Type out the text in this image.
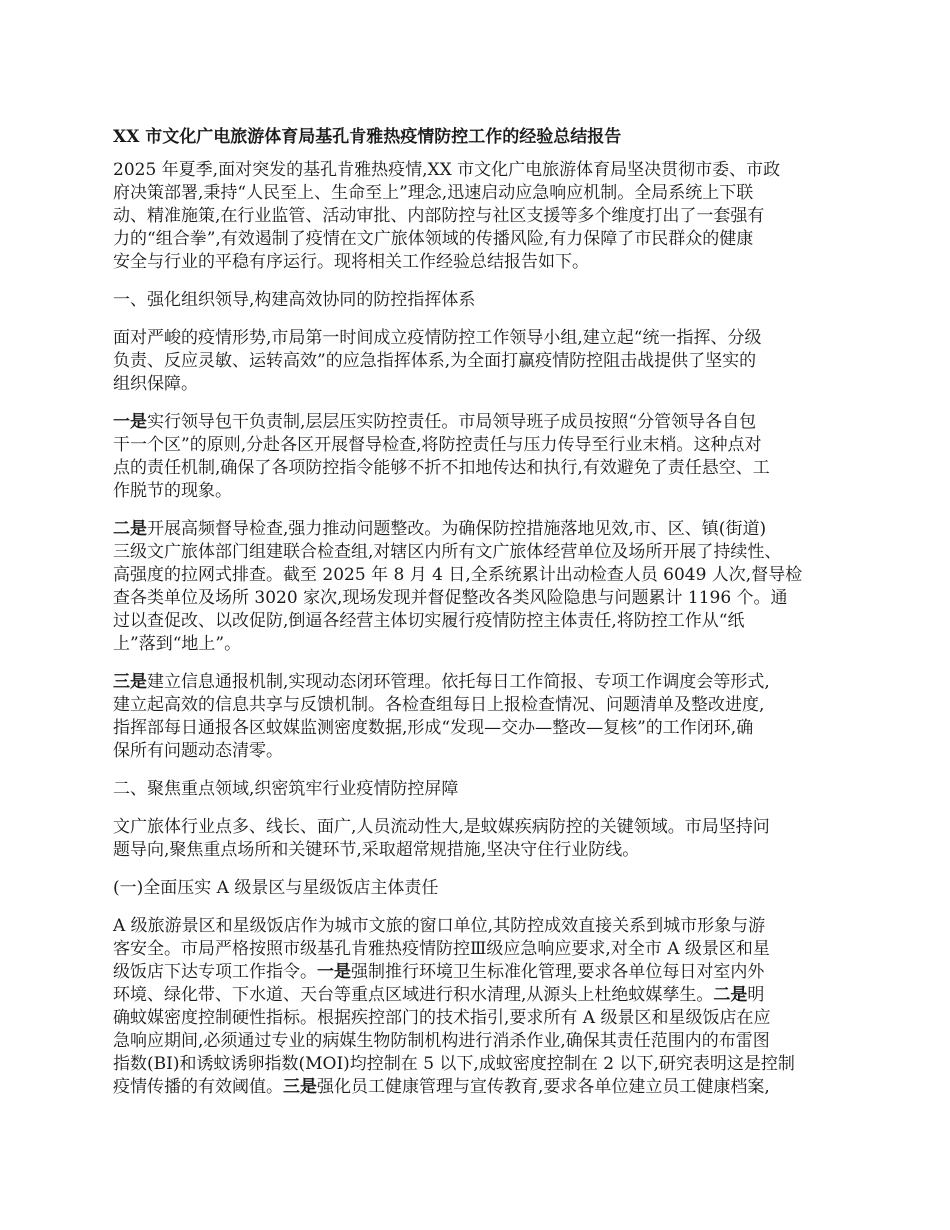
XX 市文化广电旅游体育局基孔肯雅热疫情防控工作的经验总结报告
2025 年夏季,面对突发的基孔肯雅热疫情,XX 市文化广电旅游体育局坚决贯彻市委、市政
府决策部署,秉持“人民至上、生命至上”理念,迅速启动应急响应机制。全局系统上下联
动、精准施策,在行业监管、活动审批、内部防控与社区支援等多个维度打出了一套强有
力的“组合拳”,有效遏制了疫情在文广旅体领域的传播风险,有力保障了市民群众的健康
安全与行业的平稳有序运行。现将相关工作经验总结报告如下。
一、强化组织领导,构建高效协同的防控指挥体系
面对严峻的疫情形势,市局第一时间成立疫情防控工作领导小组,建立起“统一指挥、分级
负责、反应灵敏、运转高效”的应急指挥体系,为全面打赢疫情防控阻击战提供了坚实的
组织保障。
一是实行领导包干负责制,层层压实防控责任。市局领导班子成员按照“分管领导各自包
干一个区”的原则,分赴各区开展督导检查,将防控责任与压力传导至行业末梢。这种点对
点的责任机制,确保了各项防控指令能够不折不扣地传达和执行,有效避免了责任悬空、工
作脱节的现象。
二是开展高频督导检查,强力推动问题整改。为确保防控措施落地见效,市、区、镇(街道)
三级文广旅体部门组建联合检查组,对辖区内所有文广旅体经营单位及场所开展了持续性、
高强度的拉网式排查。截至 2025 年 8 月 4 日,全系统累计出动检查人员 6049 人次,督导检
查各类单位及场所 3020 家次,现场发现并督促整改各类风险隐患与问题累计 1196 个。通
过以查促改、以改促防,倒逼各经营主体切实履行疫情防控主体责任,将防控工作从“纸
上”落到“地上”。
三是建立信息通报机制,实现动态闭环管理。依托每日工作简报、专项工作调度会等形式,
建立起高效的信息共享与反馈机制。各检查组每日上报检查情况、问题清单及整改进度,
指挥部每日通报各区蚊媒监测密度数据,形成“发现—交办—整改—复核”的工作闭环,确
保所有问题动态清零。
二、聚焦重点领域,织密筑牢行业疫情防控屏障
文广旅体行业点多、线长、面广,人员流动性大,是蚊媒疾病防控的关键领域。市局坚持问
题导向,聚焦重点场所和关键环节,采取超常规措施,坚决守住行业防线。
(一)全面压实 A 级景区与星级饭店主体责任
A 级旅游景区和星级饭店作为城市文旅的窗口单位,其防控成效直接关系到城市形象与游
客安全。市局严格按照市级基孔肯雅热疫情防控Ⅲ级应急响应要求,对全市 A 级景区和星
级饭店下达专项工作指令。一是强制推行环境卫生标准化管理,要求各单位每日对室内外
环境、绿化带、下水道、天台等重点区域进行积水清理,从源头上杜绝蚊媒孳生。二是明
确蚊媒密度控制硬性指标。根据疾控部门的技术指引,要求所有 A 级景区和星级饭店在应
急响应期间,必须通过专业的病媒生物防制机构进行消杀作业,确保其责任范围内的布雷图
指数(BI)和诱蚊诱卵指数(MOI)均控制在 5 以下,成蚊密度控制在 2 以下,研究表明这是控制
疫情传播的有效阈值。三是强化员工健康管理与宣传教育,要求各单位建立员工健康档案,
